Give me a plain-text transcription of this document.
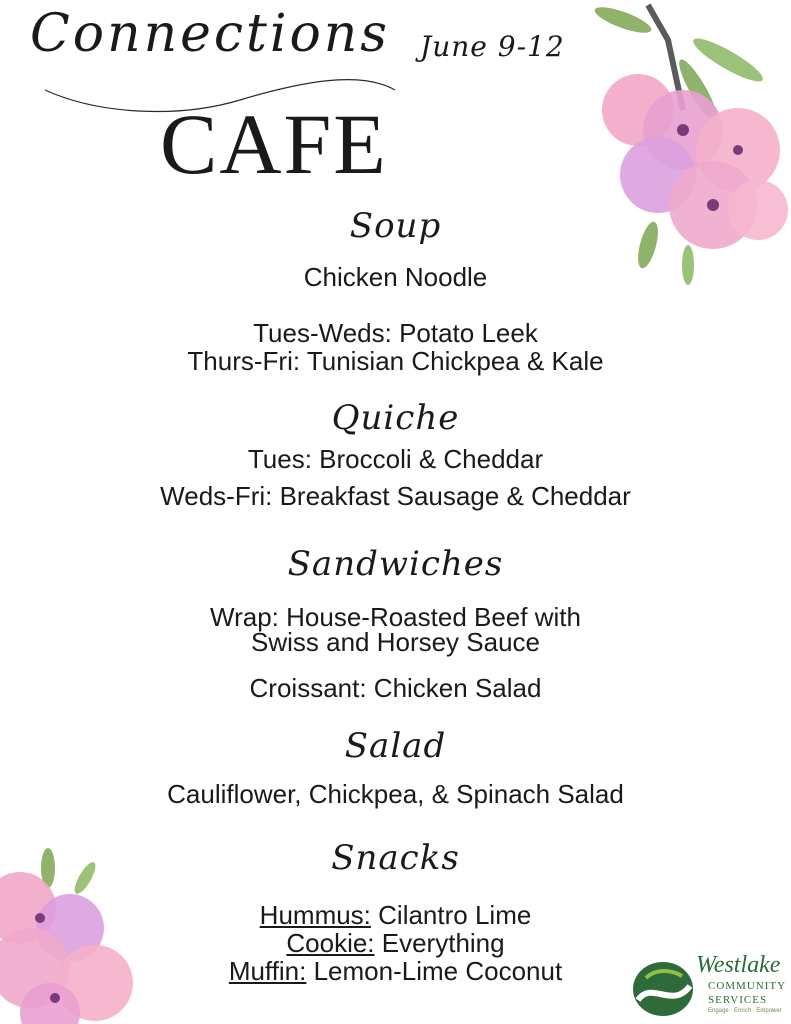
Connections June 9-12
CAFE
Soup
Chicken Noodle
Tues-Weds: Potato Leek
Thurs-Fri: Tunisian Chickpea & Kale
Quiche
Tues: Broccoli & Cheddar
Weds-Fri: Breakfast Sausage & Cheddar
Sandwiches
Wrap: House-Roasted Beef with
Swiss and Horsey Sauce
Croissant: Chicken Salad
Salad
Cauliflower, Chickpea, & Spinach Salad
Snacks
Hummus: Cilantro Lime
Cookie: Everything
Muffin: Lemon-Lime Coconut	Westlake
COMMUNITY
SERVICES
Engage · Enrich · Empower
